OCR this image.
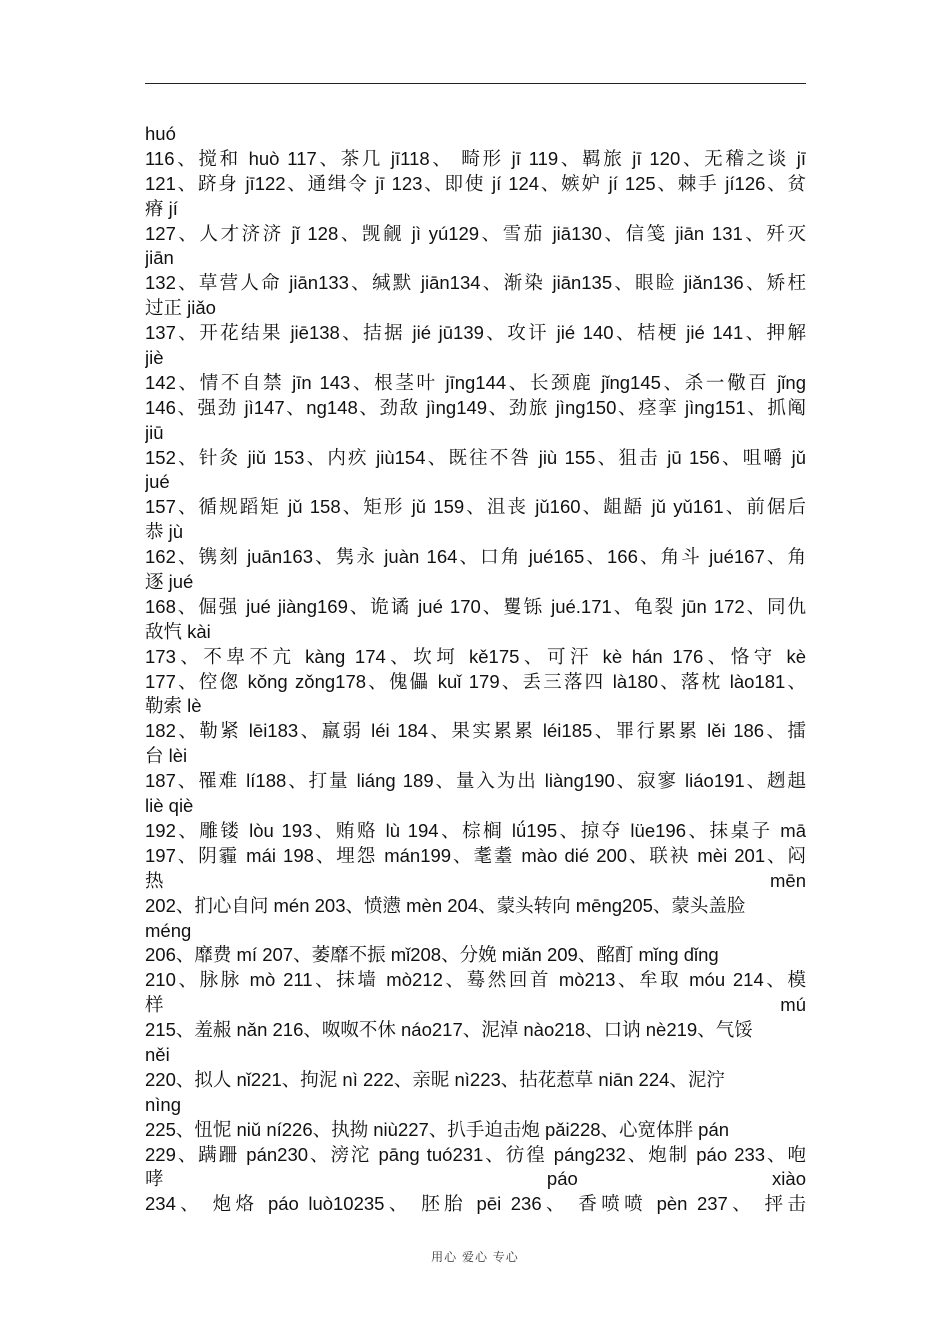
huó
116、搅和 huò 117、茶几 jī118、 畸形 jī 119、羁旅 jī 120、无稽之谈 jī
121、跻身 jī122、通缉令 jī 123、即使 jí 124、嫉妒 jí 125、棘手 jí126、贫
瘠 jí
127、人才济济 jǐ 128、觊觎 jì yú129、雪茄 jiā130、信笺 jiān 131、歼灭
jiān
132、草营人命 jiān133、缄默 jiān134、渐染 jiān135、眼睑 jiǎn136、矫枉
过正 jiǎo
137、开花结果 jiē138、拮据 jié jū139、攻讦 jié 140、桔梗 jié 141、押解
jiè
142、情不自禁 jīn 143、根茎叶 jīng144、长颈鹿 jǐng145、杀一儆百 jǐng
146、强劲 jì147、ng148、劲敌 jìng149、劲旅 jìng150、痉挛 jìng151、抓阄
jiū
152、针灸 jiǔ 153、内疚 jiù154、既往不咎 jiù 155、狙击 jū 156、咀嚼 jǔ
jué
157、循规蹈矩 jǔ 158、矩形 jǔ 159、沮丧 jǔ160、龃龉 jǔ yǔ161、前倨后
恭 jù
162、镌刻 juān163、隽永 juàn 164、口角 jué165、166、角斗 jué167、角
逐 jué
168、倔强 jué jiàng169、诡谲 jué 170、矍铄 jué.171、龟裂 jūn 172、同仇
敌忾 kài
173、不卑不亢 kàng 174、坎坷 kě175、可汗 kè hán 176、恪守 kè
177、倥偬 kǒng zǒng178、傀儡 kuǐ 179、丢三落四 là180、落枕 lào181、
勒索 lè
182、勒紧 lēi183、羸弱 léi 184、果实累累 léi185、罪行累累 lěi 186、擂
台 lèi
187、罹难 lí188、打量 liáng 189、量入为出 liàng190、寂寥 liáo191、趔趄
liè qiè
192、雕镂 lòu 193、贿赂 lù 194、棕榈 lǘ195、掠夺 lüe196、抹桌子 mā
197、阴霾 mái 198、埋怨 mán199、耄耋 mào dié 200、联袂 mèi 201、闷
热 mēn
202、扪心自问 mén 203、愤懑 mèn 204、蒙头转向 mēng205、蒙头盖脸
méng
206、靡费 mí 207、萎靡不振 mǐ208、分娩 miǎn 209、酩酊 mǐng dǐng
210、脉脉 mò 211、抹墙 mò212、蓦然回首 mò213、牟取 móu 214、模
样 mú
215、羞赧 nǎn 216、呶呶不休 náo217、泥淖 nào218、口讷 nè219、气馁
něi
220、拟人 nǐ221、拘泥 nì 222、亲昵 nì223、拈花惹草 niān 224、泥泞
nìng
225、忸怩 niǔ ní226、执拗 niù227、扒手迫击炮 pǎi228、心宽体胖 pán
229、蹒跚 pán230、滂沱 pāng tuó231、彷徨 páng232、炮制 páo 233、咆
哮 páo xiào
234、 炮烙 páo luò10235、 胚胎 pēi 236、 香喷喷 pèn 237、 抨击
用心 爱心 专心
